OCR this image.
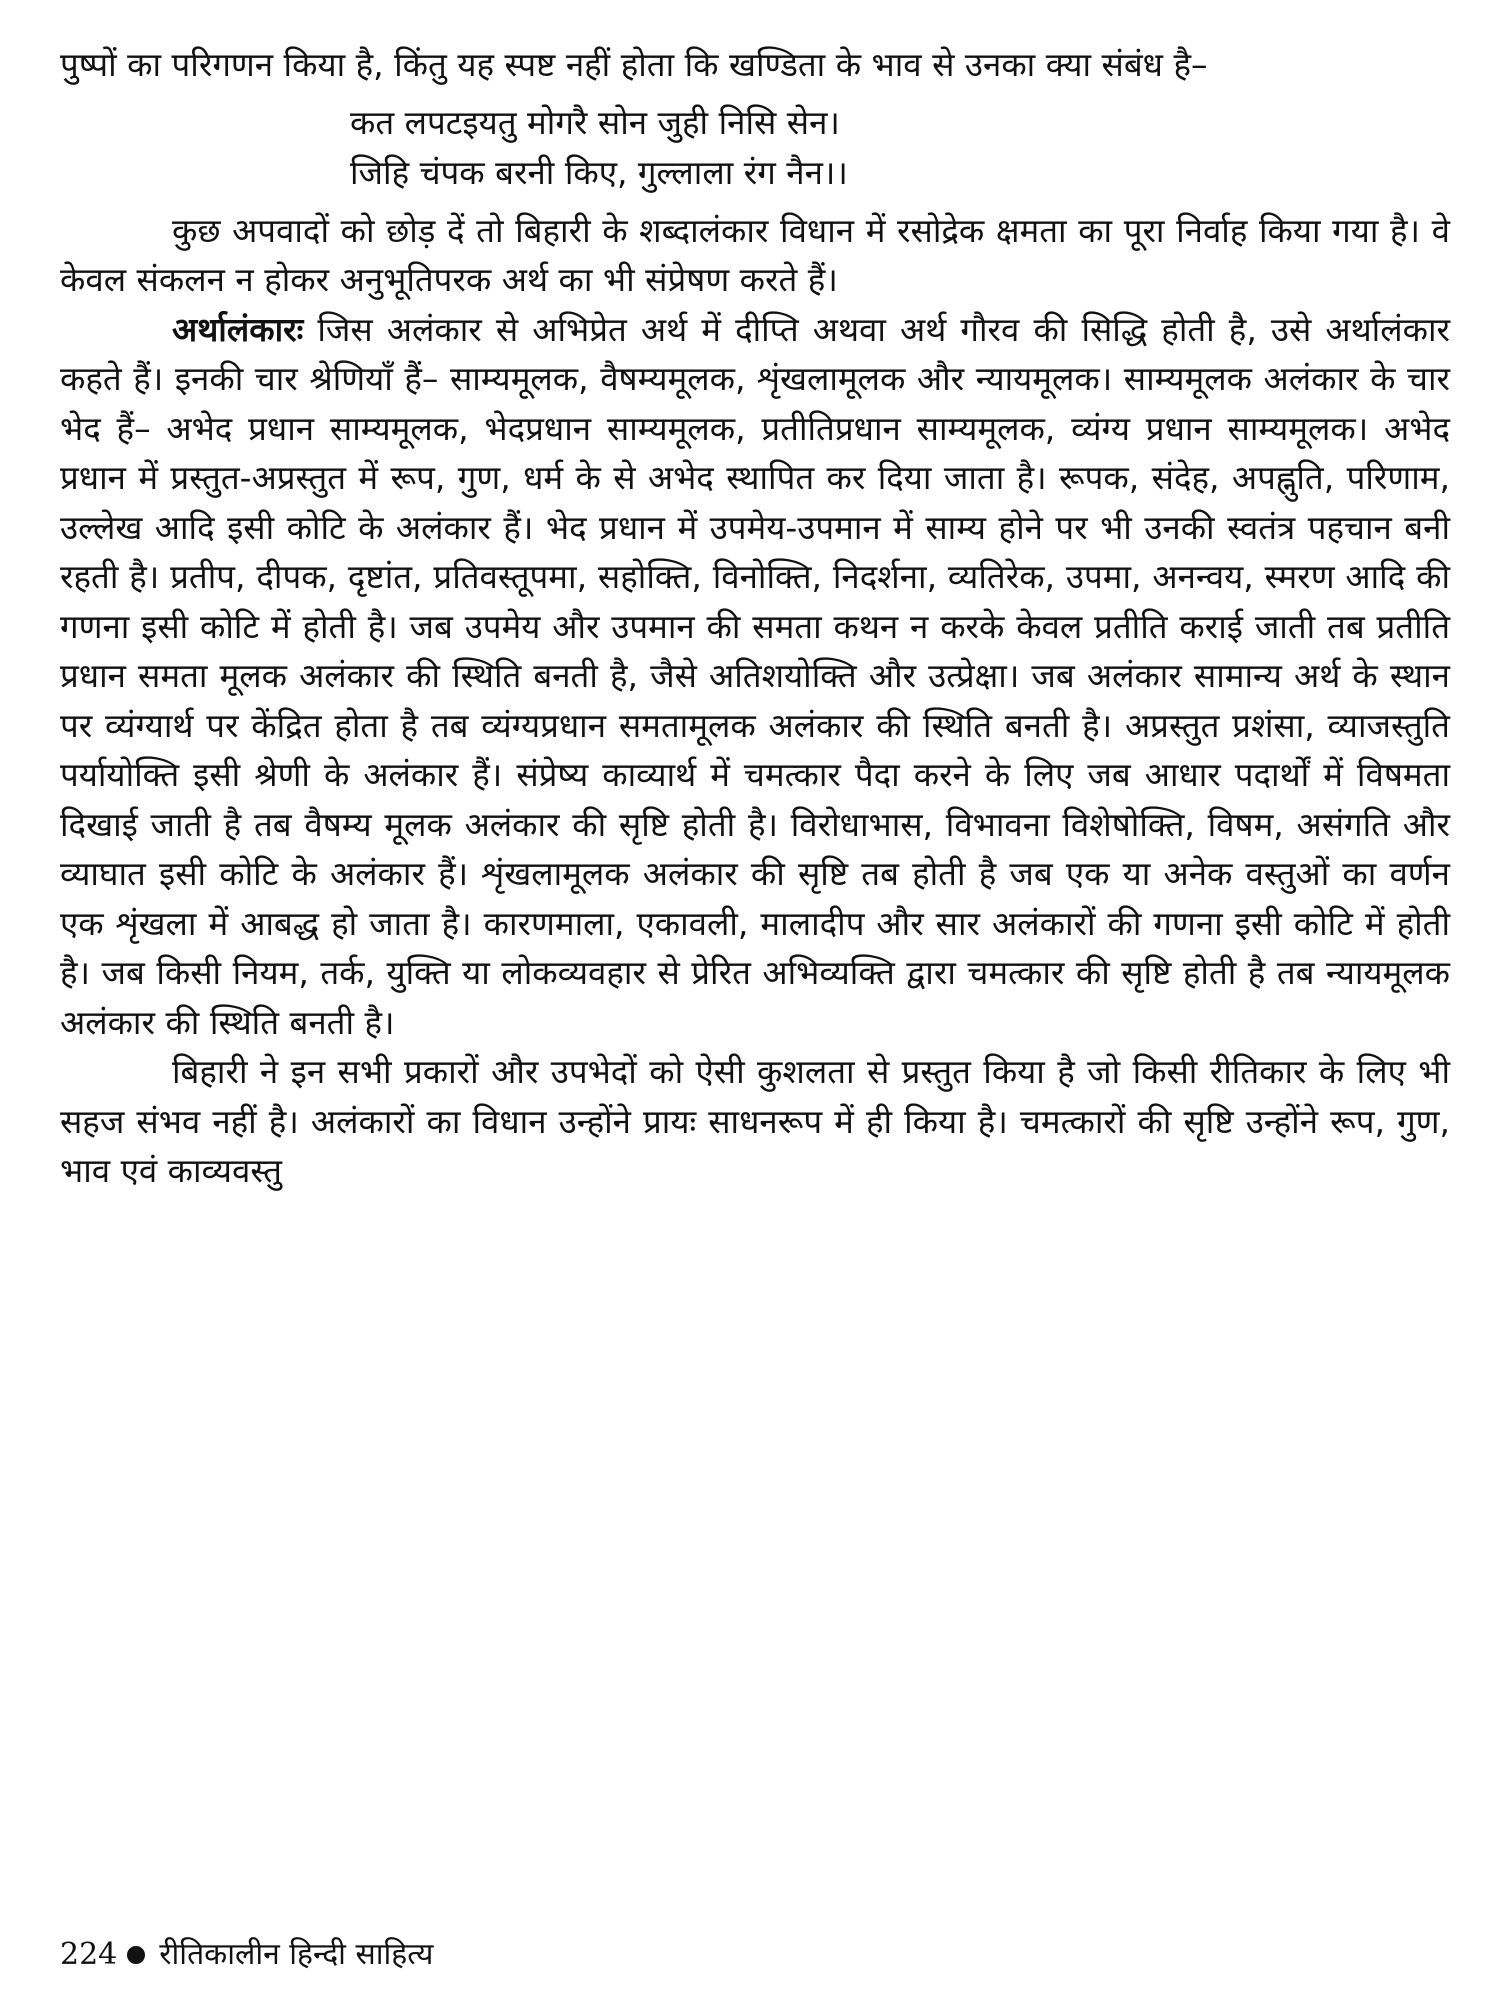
पुष्पों का परिगणन किया है, किंतु यह स्पष्ट नहीं होता कि खण्डिता के भाव से उनका क्या संबंध है–

कत लपटइयतु मोगरै सोन जुही निसि सेन।
जिहि चंपक बरनी किए, गुल्लाला रंग नैन।।

कुछ अपवादों को छोड़ दें तो बिहारी के शब्दालंकार विधान में रसोद्रेक क्षमता का पूरा निर्वाह किया गया है। वे केवल संकलन न होकर अनुभूतिपरक अर्थ का भी संप्रेषण करते हैं।

अर्थालंकारः जिस अलंकार से अभिप्रेत अर्थ में दीप्ति अथवा अर्थ गौरव की सिद्धि होती है, उसे अर्थालंकार कहते हैं। इनकी चार श्रेणियाँ हैं– साम्यमूलक, वैषम्यमूलक, शृंखलामूलक और न्यायमूलक। साम्यमूलक अलंकार के चार भेद हैं– अभेद प्रधान साम्यमूलक, भेदप्रधान साम्यमूलक, प्रतीतिप्रधान साम्यमूलक, व्यंग्य प्रधान साम्यमूलक। अभेद प्रधान में प्रस्तुत-अप्रस्तुत में रूप, गुण, धर्म के से अभेद स्थापित कर दिया जाता है। रूपक, संदेह, अपह्नुति, परिणाम, उल्लेख आदि इसी कोटि के अलंकार हैं। भेद प्रधान में उपमेय-उपमान में साम्य होने पर भी उनकी स्वतंत्र पहचान बनी रहती है। प्रतीप, दीपक, दृष्टांत, प्रतिवस्तूपमा, सहोक्ति, विनोक्ति, निदर्शना, व्यतिरेक, उपमा, अनन्वय, स्मरण आदि की गणना इसी कोटि में होती है। जब उपमेय और उपमान की समता कथन न करके केवल प्रतीति कराई जाती तब प्रतीति प्रधान समता मूलक अलंकार की स्थिति बनती है, जैसे अतिशयोक्ति और उत्प्रेक्षा। जब अलंकार सामान्य अर्थ के स्थान पर व्यंग्यार्थ पर केंद्रित होता है तब व्यंग्यप्रधान समतामूलक अलंकार की स्थिति बनती है। अप्रस्तुत प्रशंसा, व्याजस्तुति पर्यायोक्ति इसी श्रेणी के अलंकार हैं। संप्रेष्य काव्यार्थ में चमत्कार पैदा करने के लिए जब आधार पदार्थों में विषमता दिखाई जाती है तब वैषम्य मूलक अलंकार की सृष्टि होती है। विरोधाभास, विभावना विशेषोक्ति, विषम, असंगति और व्याघात इसी कोटि के अलंकार हैं। शृंखलामूलक अलंकार की सृष्टि तब होती है जब एक या अनेक वस्तुओं का वर्णन एक शृंखला में आबद्ध हो जाता है। कारणमाला, एकावली, मालादीप और सार अलंकारों की गणना इसी कोटि में होती है। जब किसी नियम, तर्क, युक्ति या लोकव्यवहार से प्रेरित अभिव्यक्ति द्वारा चमत्कार की सृष्टि होती है तब न्यायमूलक अलंकार की स्थिति बनती है।

बिहारी ने इन सभी प्रकारों और उपभेदों को ऐसी कुशलता से प्रस्तुत किया है जो किसी रीतिकार के लिए भी सहज संभव नहीं है। अलंकारों का विधान उन्होंने प्रायः साधनरूप में ही किया है। चमत्कारों की सृष्टि उन्होंने रूप, गुण, भाव एवं काव्यवस्तु

224 रीतिकालीन हिन्दी साहित्य
